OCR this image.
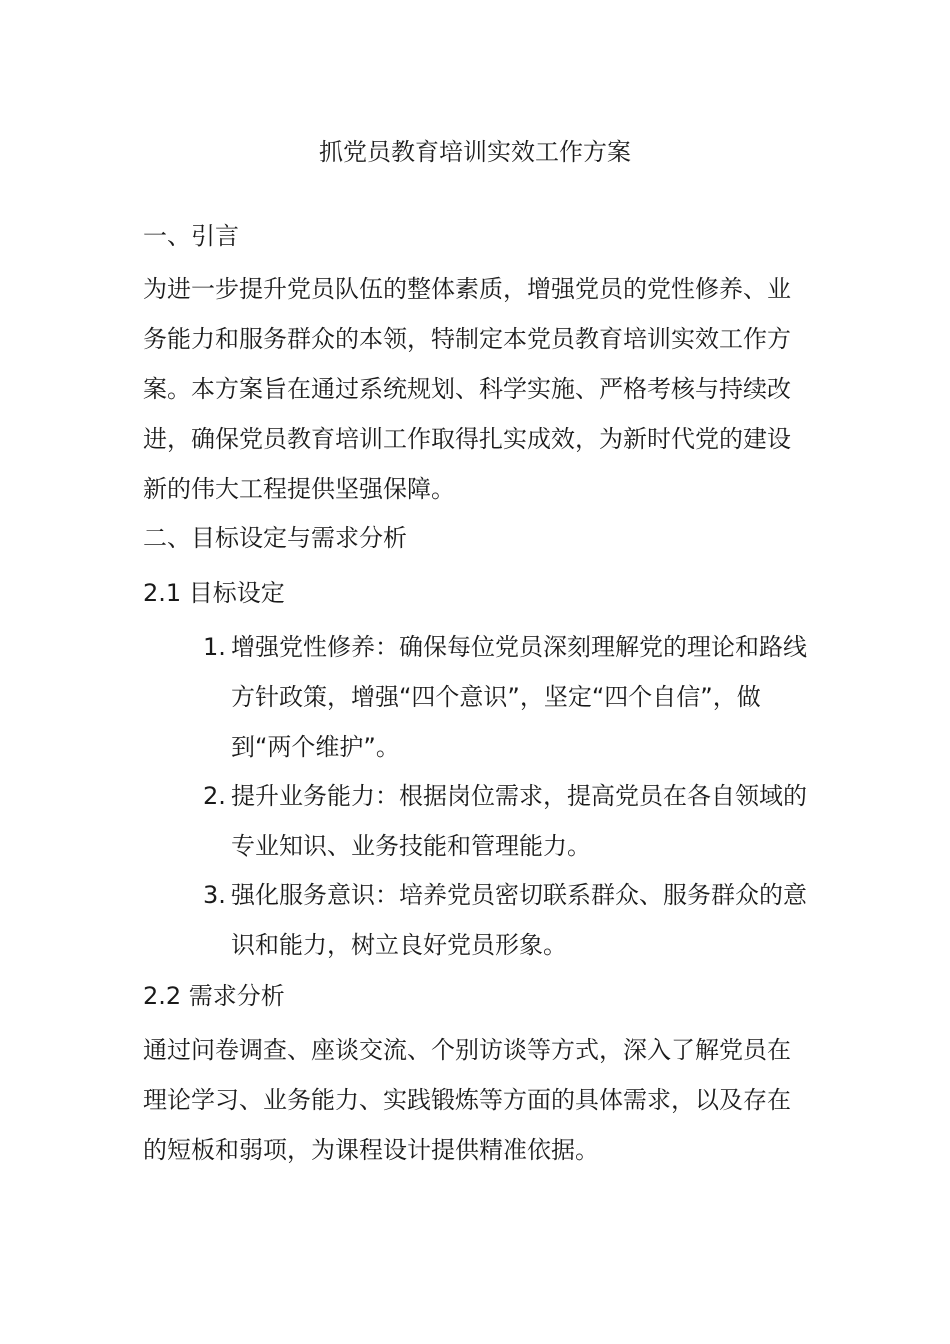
抓党员教育培训实效工作方案
一、引言
为进一步提升党员队伍的整体素质，增强党员的党性修养、业
务能力和服务群众的本领，特制定本党员教育培训实效工作方
案。本方案旨在通过系统规划、科学实施、严格考核与持续改
进，确保党员教育培训工作取得扎实成效，为新时代党的建设
新的伟大工程提供坚强保障。
二、目标设定与需求分析
2.1 目标设定
1. 增强党性修养：确保每位党员深刻理解党的理论和路线
方针政策，增强“四个意识”，坚定“四个自信”，做
到“两个维护”。
2. 提升业务能力：根据岗位需求，提高党员在各自领域的
专业知识、业务技能和管理能力。
3. 强化服务意识：培养党员密切联系群众、服务群众的意
识和能力，树立良好党员形象。
2.2 需求分析
通过问卷调查、座谈交流、个别访谈等方式，深入了解党员在
理论学习、业务能力、实践锻炼等方面的具体需求，以及存在
的短板和弱项，为课程设计提供精准依据。
